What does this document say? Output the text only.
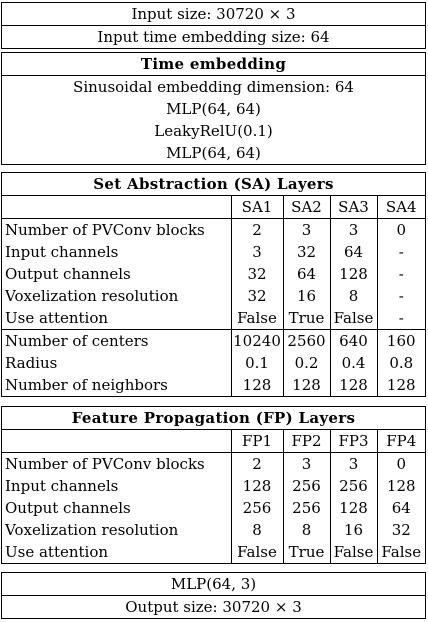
Input size: 30720 × 3
Input time embedding size: 64
Time embedding
Sinusoidal embedding dimension: 64
MLP(64, 64)
LeakyRelU(0.1)
MLP(64, 64)
Set Abstraction (SA) Layers
	SA1	SA2	SA3	SA4
Number of PVConv blocks	2	3	3	0
Input channels	3	32	64	-
Output channels	32	64	128	-
Voxelization resolution	32	16	8	-
Use attention	False	True	False	-
Number of centers	10240	2560	640	160
Radius	0.1	0.2	0.4	0.8
Number of neighbors	128	128	128	128
Feature Propagation (FP) Layers
	FP1	FP2	FP3	FP4
Number of PVConv blocks	2	3	3	0
Input channels	128	256	256	128
Output channels	256	256	128	64
Voxelization resolution	8	8	16	32
Use attention	False	True	False	False
MLP(64, 3)
Output size: 30720 × 3
